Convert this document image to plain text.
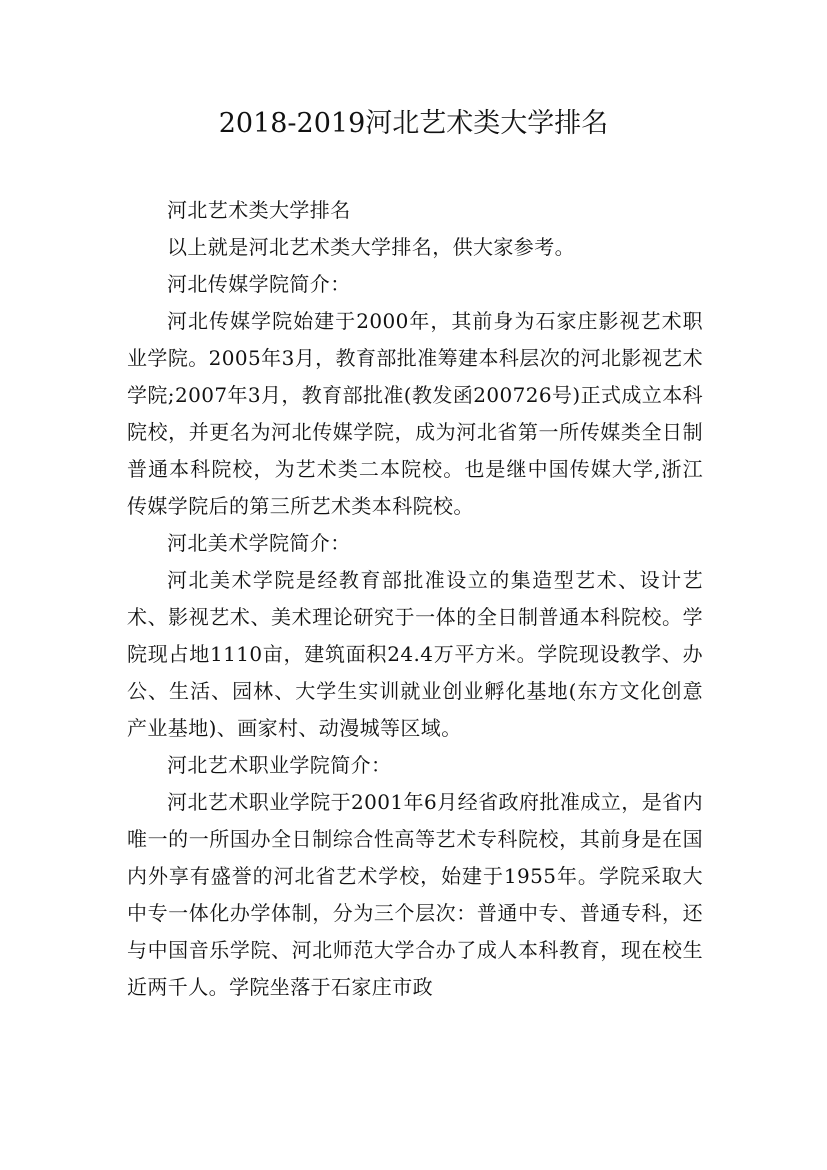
2018-2019河北艺术类大学排名

河北艺术类大学排名

以上就是河北艺术类大学排名，供大家参考。

河北传媒学院简介：

河北传媒学院始建于2000年，其前身为石家庄影视艺术职业学院。2005年3月，教育部批准筹建本科层次的河北影视艺术学院;2007年3月，教育部批准(教发函200726号)正式成立本科院校，并更名为河北传媒学院，成为河北省第一所传媒类全日制普通本科院校，为艺术类二本院校。也是继中国传媒大学,浙江传媒学院后的第三所艺术类本科院校。

河北美术学院简介：

河北美术学院是经教育部批准设立的集造型艺术、设计艺术、影视艺术、美术理论研究于一体的全日制普通本科院校。学院现占地1110亩，建筑面积24.4万平方米。学院现设教学、办公、生活、园林、大学生实训就业创业孵化基地(东方文化创意产业基地)、画家村、动漫城等区域。

河北艺术职业学院简介：

河北艺术职业学院于2001年6月经省政府批准成立，是省内唯一的一所国办全日制综合性高等艺术专科院校，其前身是在国内外享有盛誉的河北省艺术学校，始建于1955年。学院采取大中专一体化办学体制，分为三个层次：普通中专、普通专科，还与中国音乐学院、河北师范大学合办了成人本科教育，现在校生近两千人。学院坐落于石家庄市政
